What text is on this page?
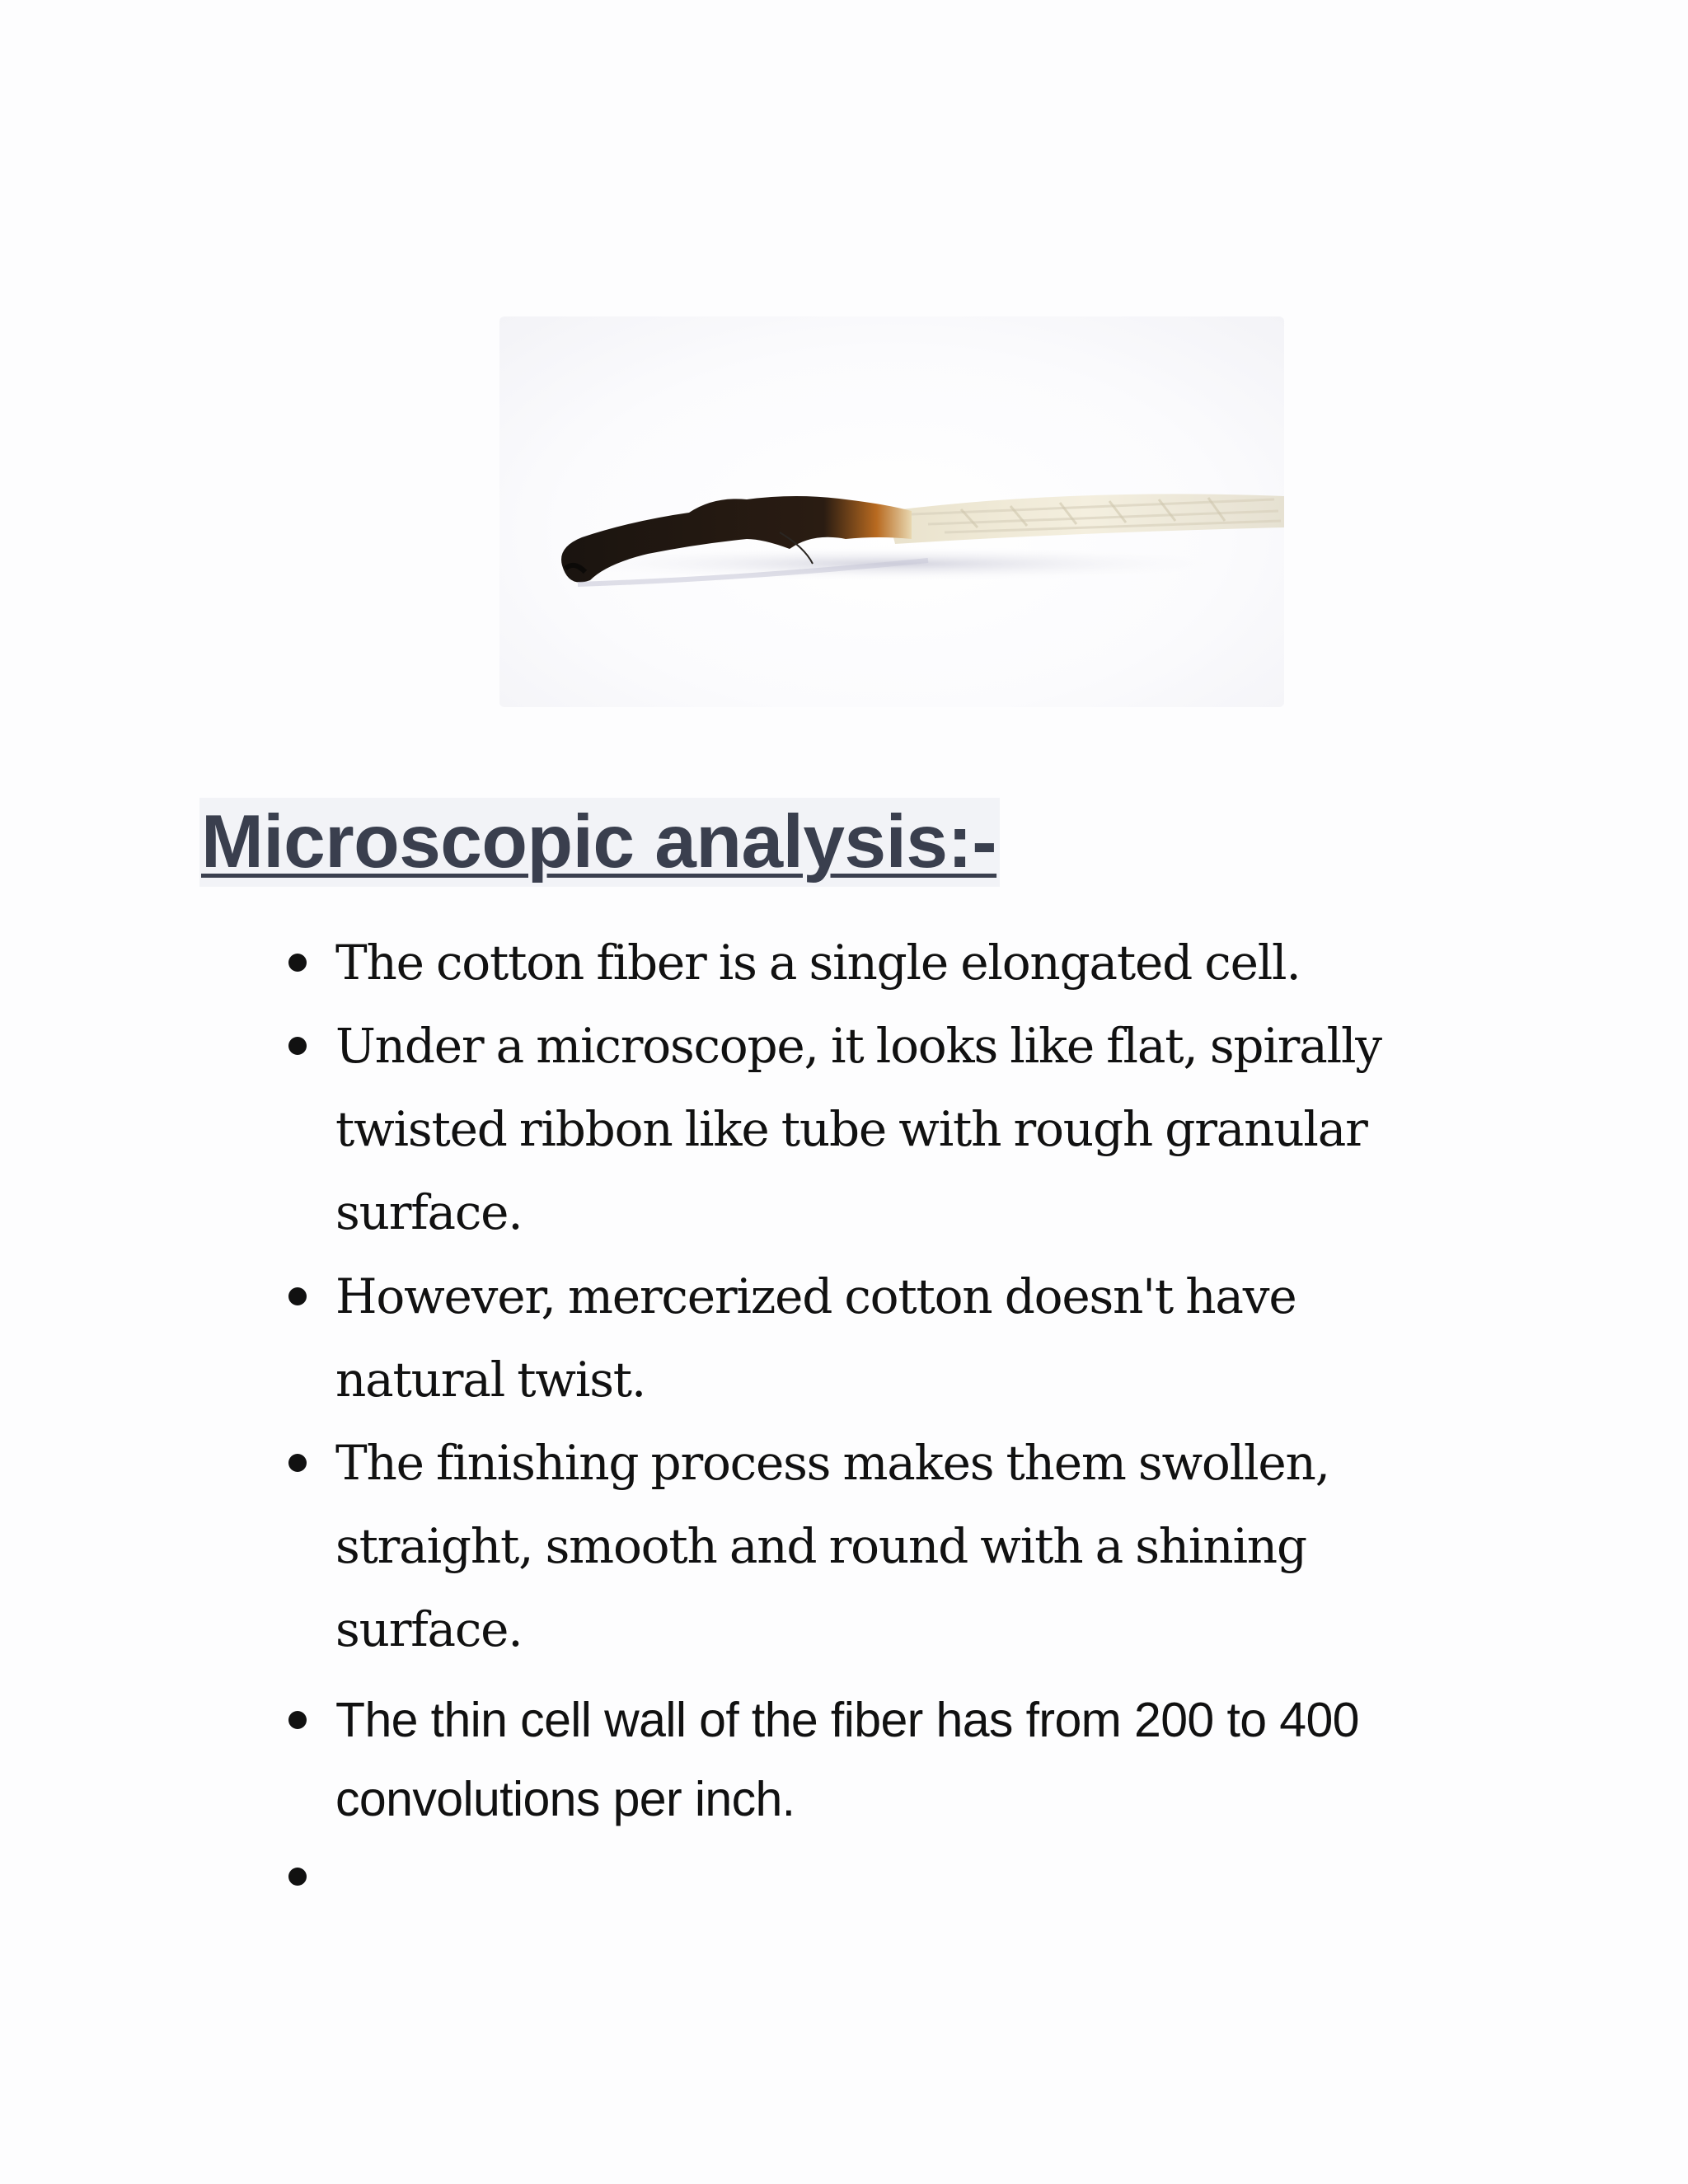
Microscopic analysis:-
The cotton fiber is a single elongated cell.
Under a microscope, it looks like flat, spirally
twisted ribbon like tube with rough granular
surface.
However, mercerized cotton doesn't have
natural twist.
The finishing process makes them swollen,
straight, smooth and round with a shining
surface.
The thin cell wall of the fiber has from 200 to 400
convolutions per inch.
